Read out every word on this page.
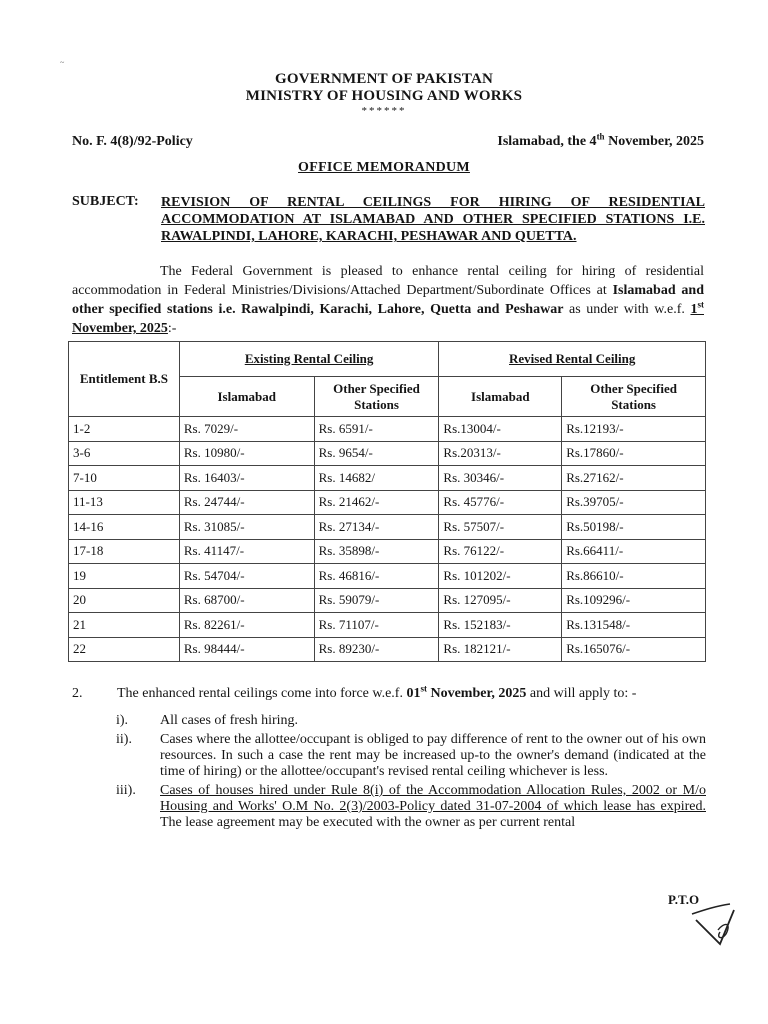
~
GOVERNMENT OF PAKISTAN
MINISTRY OF HOUSING AND WORKS
******
No. F. 4(8)/92-Policy	Islamabad, the 4th November, 2025
OFFICE MEMORANDUM
SUBJECT: REVISION OF RENTAL CEILINGS FOR HIRING OF RESIDENTIAL ACCOMMODATION AT ISLAMABAD AND OTHER SPECIFIED STATIONS I.E. RAWALPINDI, LAHORE, KARACHI, PESHAWAR AND QUETTA.
The Federal Government is pleased to enhance rental ceiling for hiring of residential accommodation in Federal Ministries/Divisions/Attached Department/Subordinate Offices at Islamabad and other specified stations i.e. Rawalpindi, Karachi, Lahore, Quetta and Peshawar as under with w.e.f. 1st November, 2025:-
Entitlement B.S	Existing Rental Ceiling		Revised Rental Ceiling	
	Islamabad	Other Specified Stations	Islamabad	Other Specified Stations
1-2	Rs. 7029/-	Rs. 6591/-	Rs.13004/-	Rs.12193/-
3-6	Rs. 10980/-	Rs. 9654/-	Rs.20313/-	Rs.17860/-
7-10	Rs. 16403/-	Rs. 14682/	Rs. 30346/-	Rs.27162/-
11-13	Rs. 24744/-	Rs. 21462/-	Rs. 45776/-	Rs.39705/-
14-16	Rs. 31085/-	Rs. 27134/-	Rs. 57507/-	Rs.50198/-
17-18	Rs. 41147/-	Rs. 35898/-	Rs. 76122/-	Rs.66411/-
19	Rs. 54704/-	Rs. 46816/-	Rs. 101202/-	Rs.86610/-
20	Rs. 68700/-	Rs. 59079/-	Rs. 127095/-	Rs.109296/-
21	Rs. 82261/-	Rs. 71107/-	Rs. 152183/-	Rs.131548/-
22	Rs. 98444/-	Rs. 89230/-	Rs. 182121/-	Rs.165076/-
2. The enhanced rental ceilings come into force w.e.f. 01st November, 2025 and will apply to: -
i). All cases of fresh hiring.
ii). Cases where the allottee/occupant is obliged to pay difference of rent to the owner out of his own resources. In such a case the rent may be increased up-to the owner's demand (indicated at the time of hiring) or the allottee/occupant's revised rental ceiling whichever is less.
iii). Cases of houses hired under Rule 8(i) of the Accommodation Allocation Rules, 2002 or M/o Housing and Works' O.M No. 2(3)/2003-Policy dated 31-07-2004 of which lease has expired. The lease agreement may be executed with the owner as per current rental
P.T.O
